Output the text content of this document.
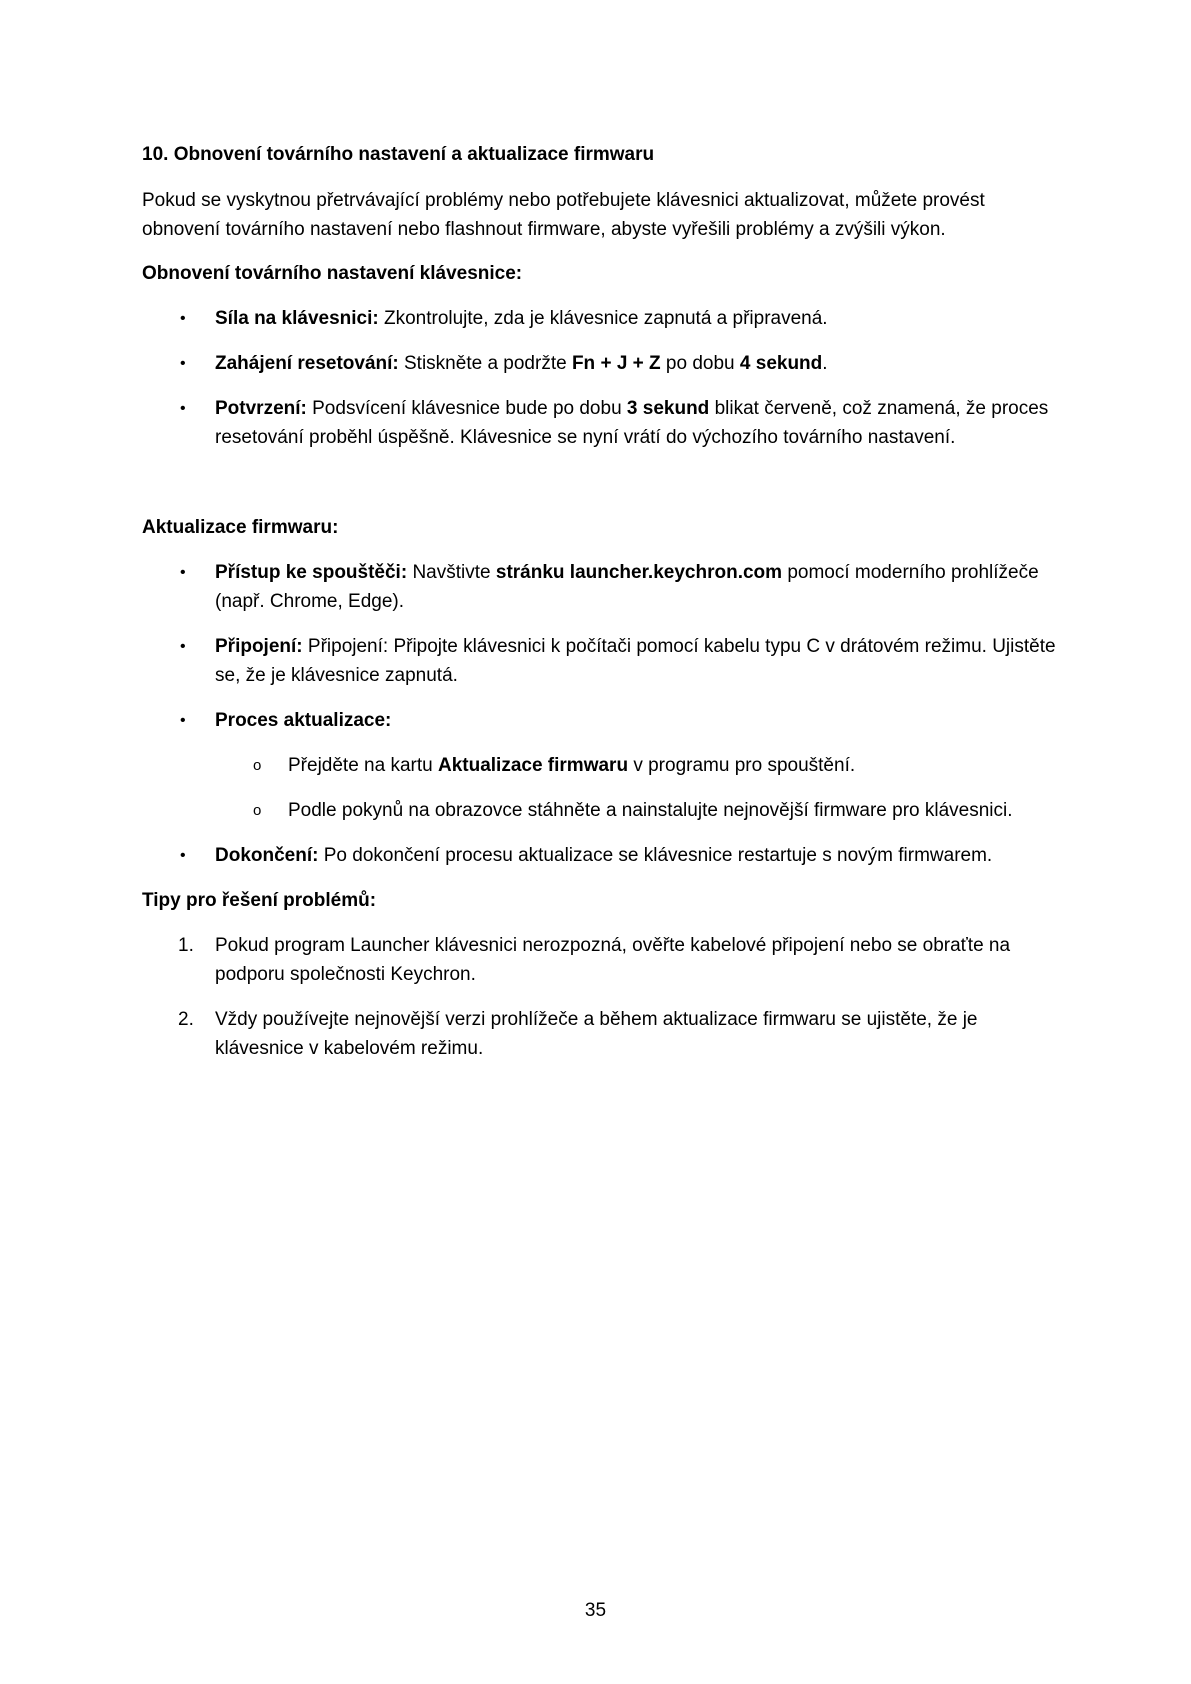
10. Obnovení továrního nastavení a aktualizace firmwaru

Pokud se vyskytnou přetrvávající problémy nebo potřebujete klávesnici aktualizovat, můžete provést obnovení továrního nastavení nebo flashnout firmware, abyste vyřešili problémy a zvýšili výkon.

Obnovení továrního nastavení klávesnice:

• Síla na klávesnici: Zkontrolujte, zda je klávesnice zapnutá a připravená.
• Zahájení resetování: Stiskněte a podržte Fn + J + Z po dobu 4 sekund.
• Potvrzení: Podsvícení klávesnice bude po dobu 3 sekund blikat červeně, což znamená, že proces resetování proběhl úspěšně. Klávesnice se nyní vrátí do výchozího továrního nastavení.

Aktualizace firmwaru:

• Přístup ke spouštěči: Navštivte stránku launcher.keychron.com pomocí moderního prohlížeče (např. Chrome, Edge).
• Připojení: Připojení: Připojte klávesnici k počítači pomocí kabelu typu C v drátovém režimu. Ujistěte se, že je klávesnice zapnutá.
• Proces aktualizace:
o Přejděte na kartu Aktualizace firmwaru v programu pro spouštění.
o Podle pokynů na obrazovce stáhněte a nainstalujte nejnovější firmware pro klávesnici.
• Dokončení: Po dokončení procesu aktualizace se klávesnice restartuje s novým firmwarem.

Tipy pro řešení problémů:

1. Pokud program Launcher klávesnici nerozpozná, ověřte kabelové připojení nebo se obraťte na podporu společnosti Keychron.
2. Vždy používejte nejnovější verzi prohlížeče a během aktualizace firmwaru se ujistěte, že je klávesnice v kabelovém režimu.
35
